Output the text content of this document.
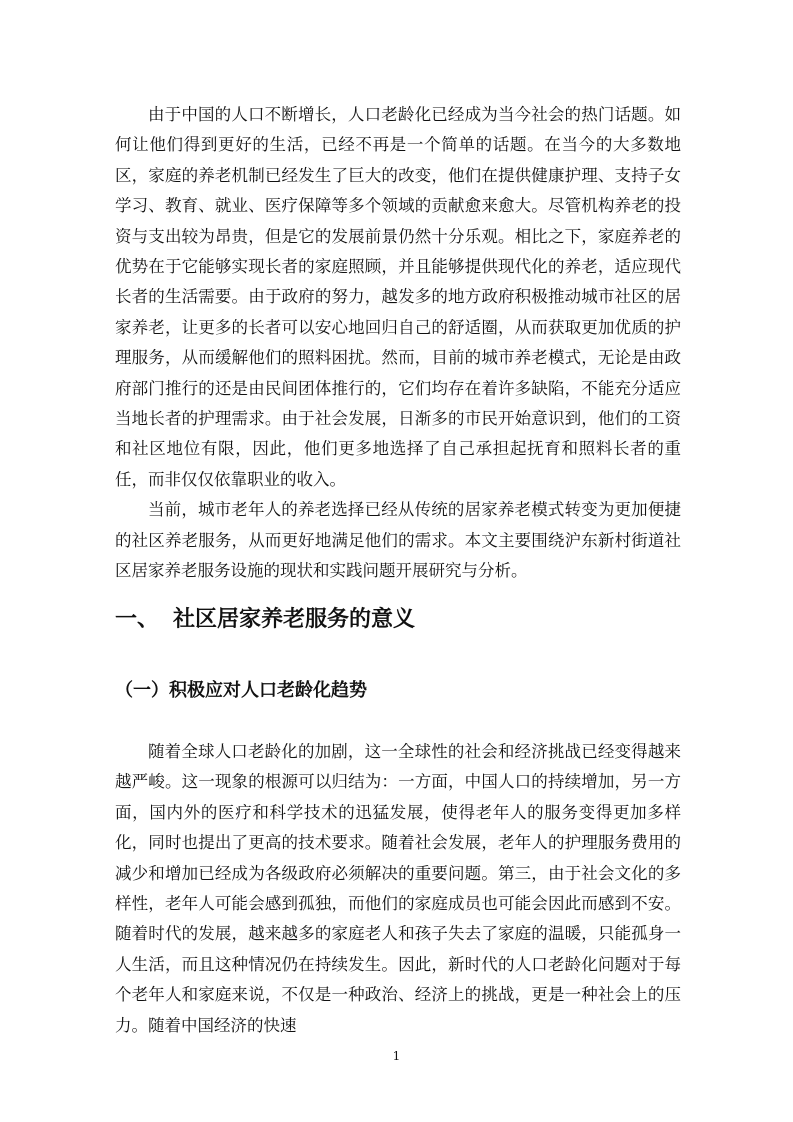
由于中国的人口不断增长，人口老龄化已经成为当今社会的热门话题。如何让他们得到更好的生活，已经不再是一个简单的话题。在当今的大多数地区，家庭的养老机制已经发生了巨大的改变，他们在提供健康护理、支持子女学习、教育、就业、医疗保障等多个领域的贡献愈来愈大。尽管机构养老的投资与支出较为昂贵，但是它的发展前景仍然十分乐观。相比之下，家庭养老的优势在于它能够实现长者的家庭照顾，并且能够提供现代化的养老，适应现代长者的生活需要。由于政府的努力，越发多的地方政府积极推动城市社区的居家养老，让更多的长者可以安心地回归自己的舒适圈，从而获取更加优质的护理服务，从而缓解他们的照料困扰。然而，目前的城市养老模式，无论是由政府部门推行的还是由民间团体推行的，它们均存在着许多缺陷，不能充分适应当地长者的护理需求。由于社会发展，日渐多的市民开始意识到，他们的工资和社区地位有限，因此，他们更多地选择了自己承担起抚育和照料长者的重任，而非仅仅依靠职业的收入。

当前，城市老年人的养老选择已经从传统的居家养老模式转变为更加便捷的社区养老服务，从而更好地满足他们的需求。本文主要围绕沪东新村街道社区居家养老服务设施的现状和实践问题开展研究与分析。

一、 社区居家养老服务的意义
（一）积极应对人口老龄化趋势

随着全球人口老龄化的加剧，这一全球性的社会和经济挑战已经变得越来越严峻。这一现象的根源可以归结为：一方面，中国人口的持续增加，另一方面，国内外的医疗和科学技术的迅猛发展，使得老年人的服务变得更加多样化，同时也提出了更高的技术要求。随着社会发展，老年人的护理服务费用的减少和增加已经成为各级政府必须解决的重要问题。第三，由于社会文化的多样性，老年人可能会感到孤独，而他们的家庭成员也可能会因此而感到不安。随着时代的发展，越来越多的家庭老人和孩子失去了家庭的温暖，只能孤身一人生活，而且这种情况仍在持续发生。因此，新时代的人口老龄化问题对于每个老年人和家庭来说，不仅是一种政治、经济上的挑战，更是一种社会上的压力。随着中国经济的快速

1
